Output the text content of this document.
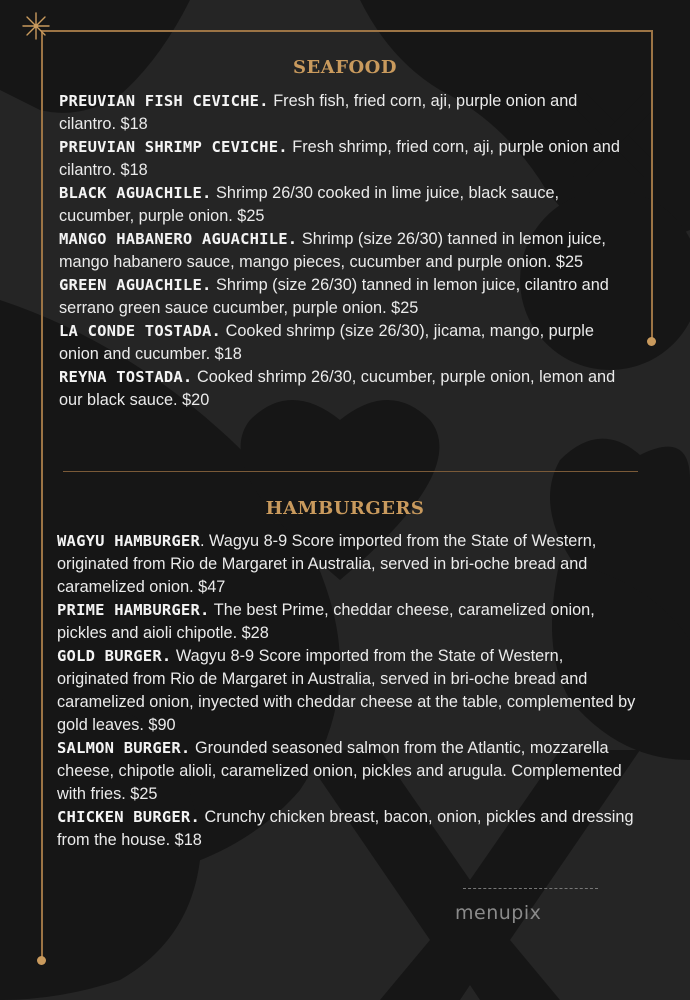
SEAFOOD
PREUVIAN FISH CEVICHE. Fresh fish, fried corn, aji, purple onion and cilantro. $18
PREUVIAN SHRIMP CEVICHE. Fresh shrimp, fried corn, aji, purple onion and cilantro. $18
BLACK AGUACHILE. Shrimp 26/30 cooked in lime juice, black sauce, cucumber, purple onion. $25
MANGO HABANERO AGUACHILE. Shrimp (size 26/30) tanned in lemon juice, mango habanero sauce, mango pieces, cucumber and purple onion. $25
GREEN AGUACHILE. Shrimp (size 26/30) tanned in lemon juice, cilantro and serrano green sauce cucumber, purple onion. $25
LA CONDE TOSTADA. Cooked shrimp (size 26/30), jicama, mango, purple onion and cucumber. $18
REYNA TOSTADA. Cooked shrimp 26/30, cucumber, purple onion, lemon and our black sauce. $20
HAMBURGERS
WAGYU HAMBURGER. Wagyu 8-9 Score imported from the State of Western, originated from Rio de Margaret in Australia, served in bri-oche bread and caramelized onion. $47
PRIME HAMBURGER. The best Prime, cheddar cheese, caramelized onion, pickles and aioli chipotle. $28
GOLD BURGER. Wagyu 8-9 Score imported from the State of Western, originated from Rio de Margaret in Australia, served in bri-oche bread and caramelized onion, inyected with cheddar cheese at the table, complemented by gold leaves. $90
SALMON BURGER. Grounded seasoned salmon from the Atlantic, mozzarella cheese, chipotle alioli, caramelized onion, pickles and arugula. Complemented with fries. $25
CHICKEN BURGER. Crunchy chicken breast, bacon, onion, pickles and dressing from the house. $18
menupix
